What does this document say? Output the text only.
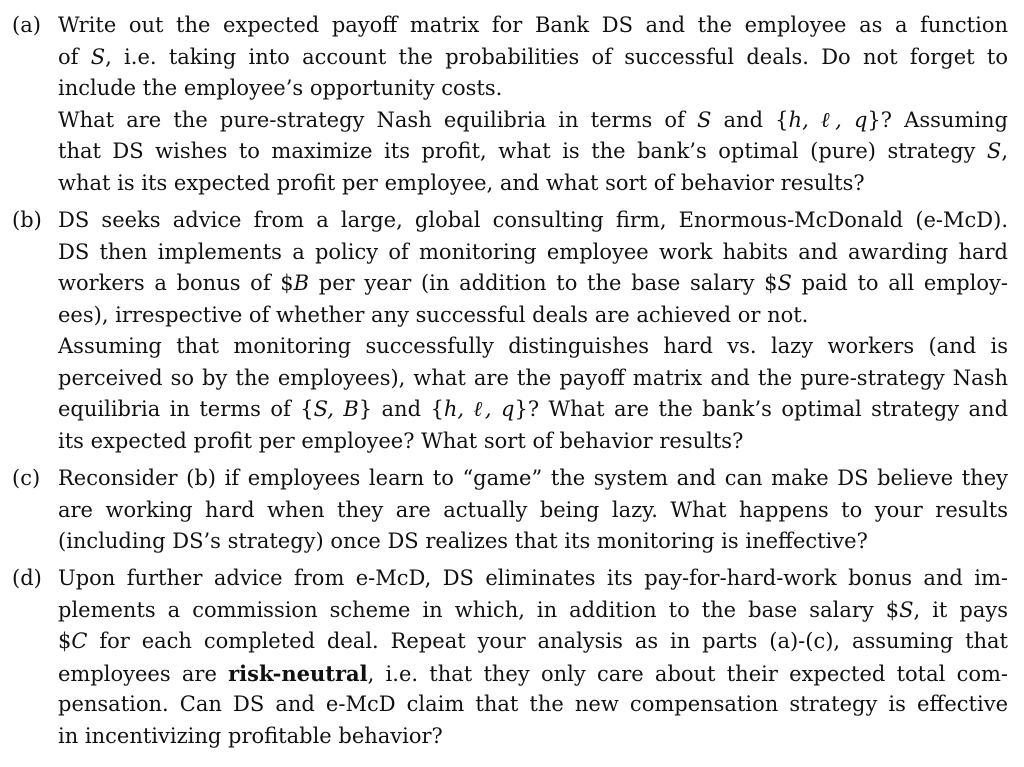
(a) Write out the expected payoff matrix for Bank DS and the employee as a function
of S, i.e. taking into account the probabilities of successful deals. Do not forget to
include the employee’s opportunity costs.
What are the pure-strategy Nash equilibria in terms of S and {h, ℓ, q}? Assuming
that DS wishes to maximize its profit, what is the bank’s optimal (pure) strategy S,
what is its expected profit per employee, and what sort of behavior results?
(b) DS seeks advice from a large, global consulting firm, Enormous-McDonald (e-McD).
DS then implements a policy of monitoring employee work habits and awarding hard
workers a bonus of $B per year (in addition to the base salary $S paid to all employ-
ees), irrespective of whether any successful deals are achieved or not.
Assuming that monitoring successfully distinguishes hard vs. lazy workers (and is
perceived so by the employees), what are the payoff matrix and the pure-strategy Nash
equilibria in terms of {S, B} and {h, ℓ, q}? What are the bank’s optimal strategy and
its expected profit per employee? What sort of behavior results?
(c) Reconsider (b) if employees learn to “game” the system and can make DS believe they
are working hard when they are actually being lazy. What happens to your results
(including DS’s strategy) once DS realizes that its monitoring is ineffective?
(d) Upon further advice from e-McD, DS eliminates its pay-for-hard-work bonus and im-
plements a commission scheme in which, in addition to the base salary $S, it pays
$C for each completed deal. Repeat your analysis as in parts (a)-(c), assuming that
employees are risk-neutral, i.e. that they only care about their expected total com-
pensation. Can DS and e-McD claim that the new compensation strategy is effective
in incentivizing profitable behavior?
